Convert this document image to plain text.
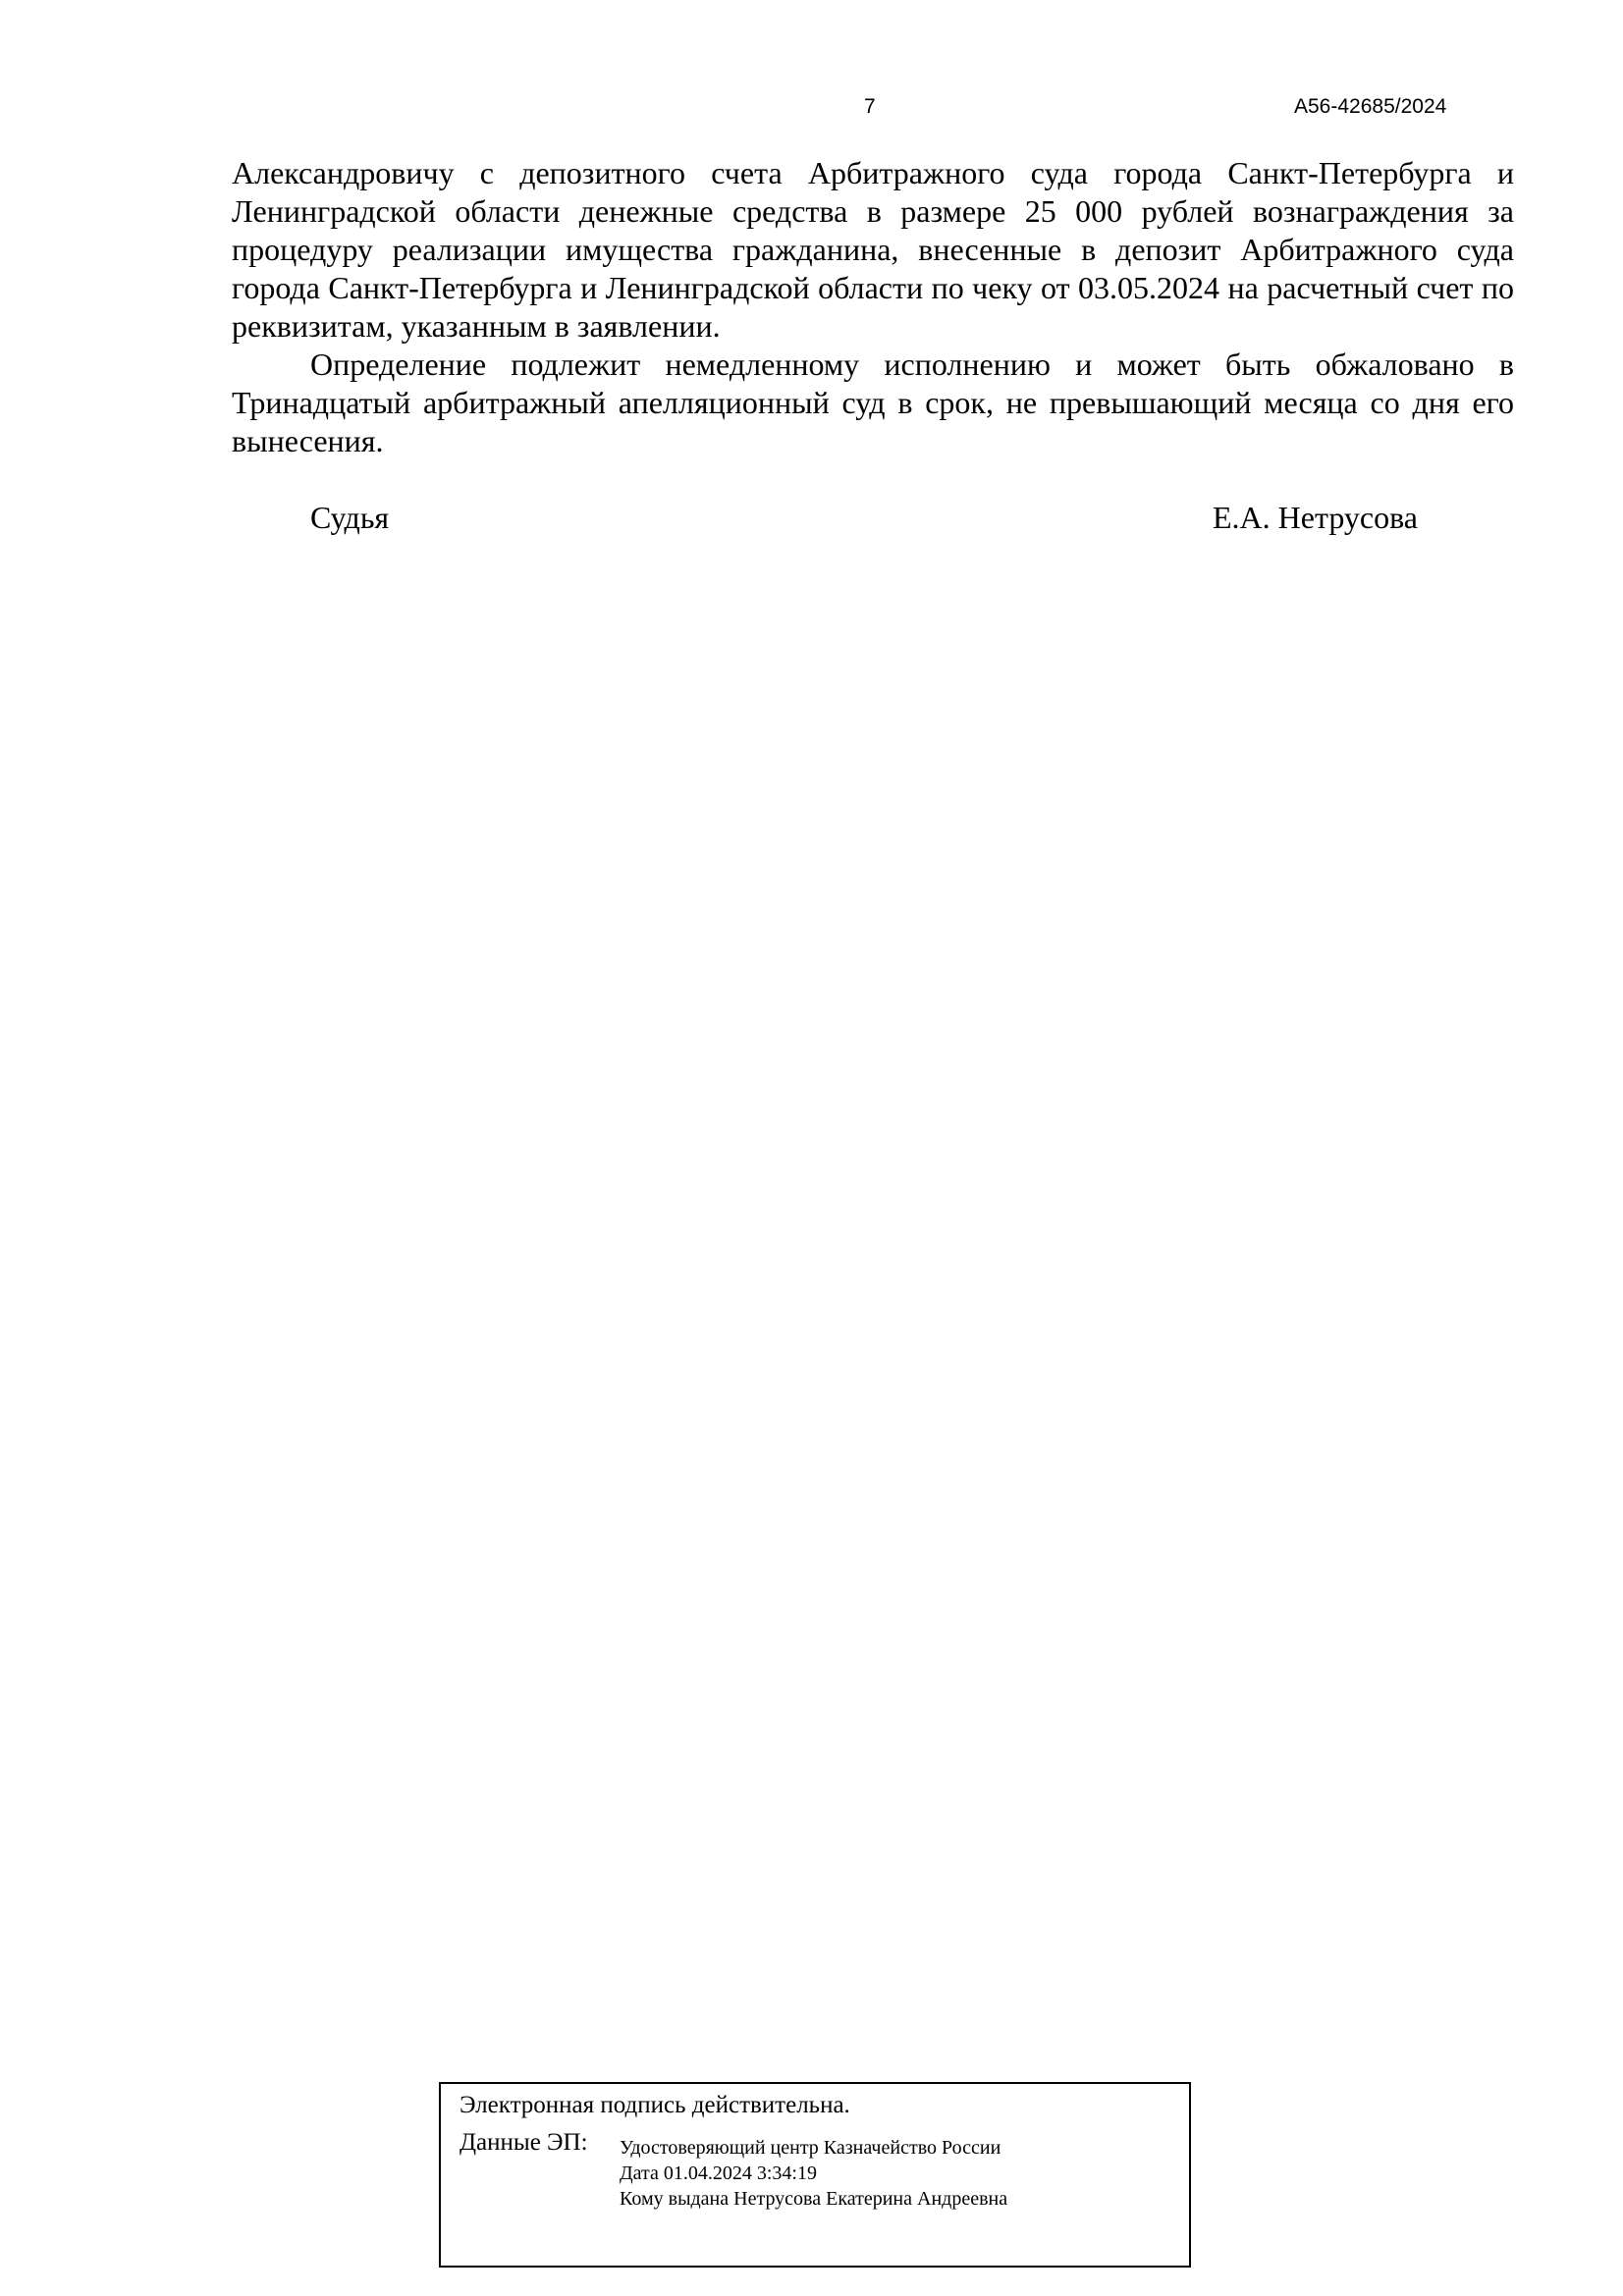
7	А56-42685/2024

Александровичу с депозитного счета Арбитражного суда города Санкт-Петербурга и Ленинградской области денежные средства в размере 25 000 рублей вознаграждения за процедуру реализации имущества гражданина, внесенные в депозит Арбитражного суда города Санкт-Петербурга и Ленинградской области по чеку от 03.05.2024 на расчетный счет по реквизитам, указанным в заявлении.

Определение подлежит немедленному исполнению и может быть обжаловано в Тринадцатый арбитражный апелляционный суд в срок, не превышающий месяца со дня его вынесения.

Судья	Е.А. Нетрусова
Электронная подпись действительна.
Данные ЭП: Удостоверяющий центр Казначейство России
Дата 01.04.2024 3:34:19
Кому выдана Нетрусова Екатерина Андреевна
